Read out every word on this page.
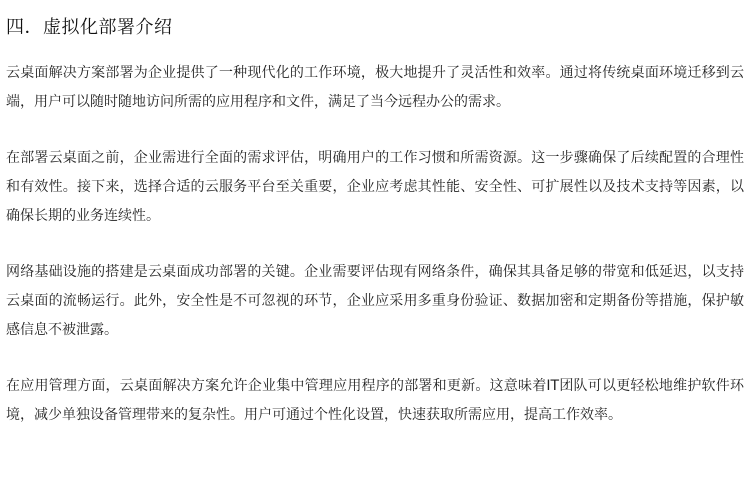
四．虚拟化部署介绍

云桌面解决方案部署为企业提供了一种现代化的工作环境，极大地提升了灵活性和效率。通过将传统桌面环境迁移到云端，用户可以随时随地访问所需的应用程序和文件，满足了当今远程办公的需求。

在部署云桌面之前，企业需进行全面的需求评估，明确用户的工作习惯和所需资源。这一步骤确保了后续配置的合理性和有效性。接下来，选择合适的云服务平台至关重要，企业应考虑其性能、安全性、可扩展性以及技术支持等因素，以确保长期的业务连续性。

网络基础设施的搭建是云桌面成功部署的关键。企业需要评估现有网络条件，确保其具备足够的带宽和低延迟，以支持云桌面的流畅运行。此外，安全性是不可忽视的环节，企业应采用多重身份验证、数据加密和定期备份等措施，保护敏感信息不被泄露。

在应用管理方面，云桌面解决方案允许企业集中管理应用程序的部署和更新。这意味着IT团队可以更轻松地维护软件环境，减少单独设备管理带来的复杂性。用户可通过个性化设置，快速获取所需应用，提高工作效率。
